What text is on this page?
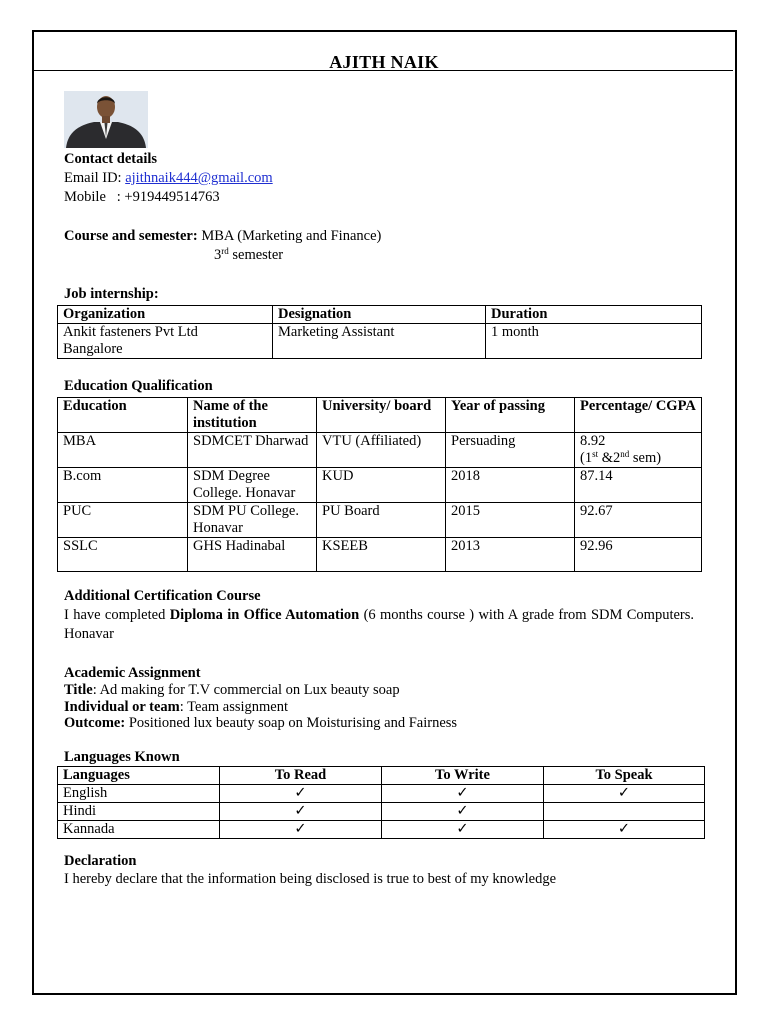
AJITH NAIK
Contact details
Email ID: ajithnaik444@gmail.com
Mobile   : +919449514763
Course and semester: MBA (Marketing and Finance)
3rd semester
Job internship:
Organization	Designation	Duration

Ankit fasteners Pvt Ltd
Bangalore	Marketing Assistant	1 month
Education Qualification
Education	Name of the institution	University/ board	Year of passing	Percentage/ CGPA
MBA	SDMCET Dharwad	VTU (Affiliated)	Persuading	8.92
(1st &2nd sem)

B.com	SDM Degree College. Honavar	KUD	2018	87.14
PUC	SDM PU College. Honavar	PU Board	2015	92.67
SSLC	GHS Hadinabal	KSEEB	2013	92.96
Additional Certification Course
I have completed Diploma in Office Automation (6 months course ) with A grade from SDM Computers. Honavar
Academic Assignment
Title: Ad making for T.V commercial on Lux beauty soap
Individual or team: Team assignment
Outcome: Positioned lux beauty soap on Moisturising and Fairness
Languages Known
Languages	To Read	To Write	To Speak
English	✓	✓	✓
Hindi	✓	✓	
Kannada	✓	✓	✓
Declaration
I hereby declare that the information being disclosed is true to best of my knowledge
